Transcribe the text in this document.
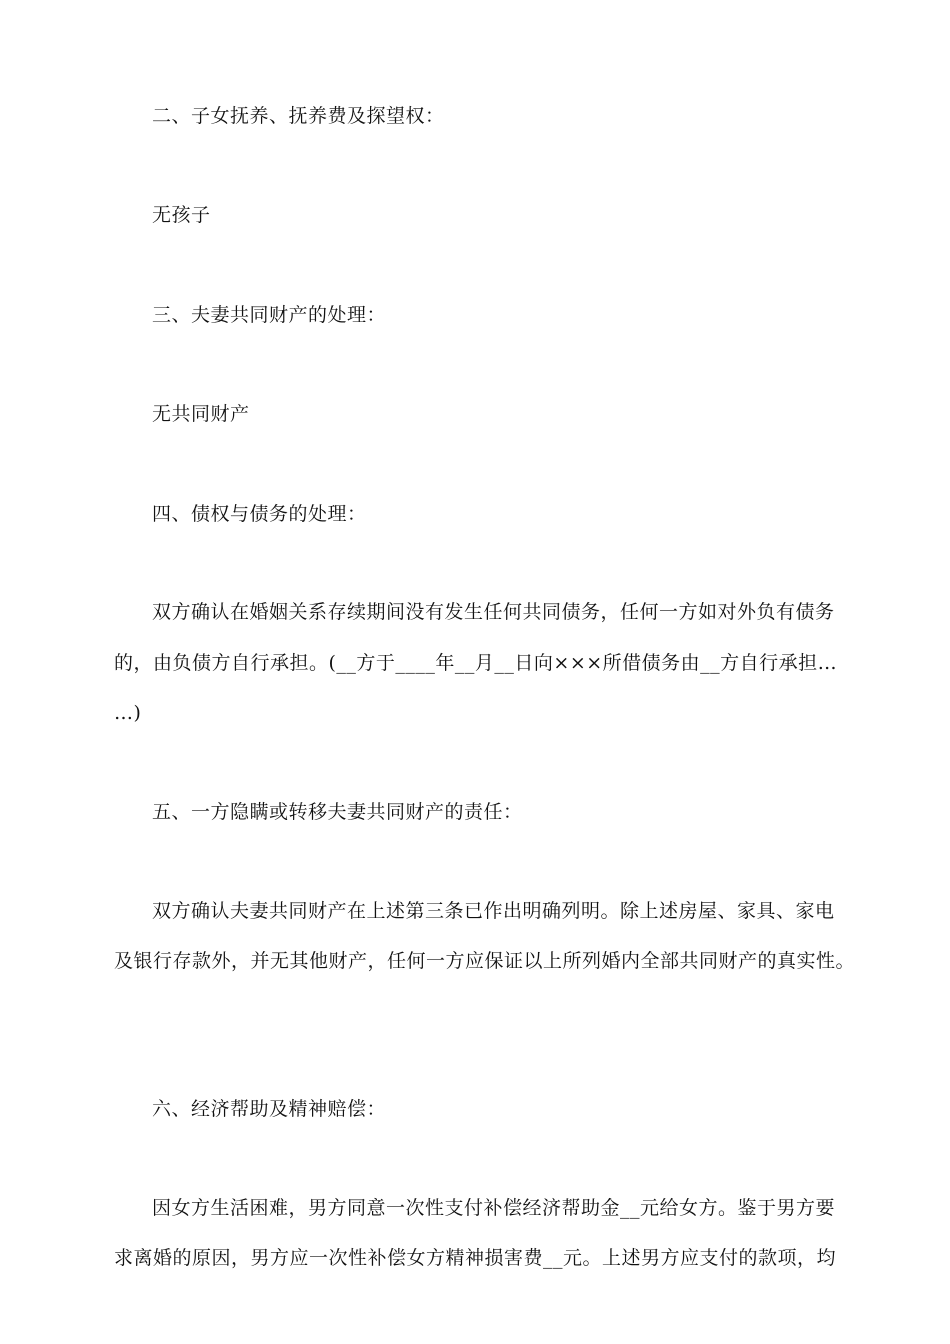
二、子女抚养、抚养费及探望权：
无孩子
三、夫妻共同财产的处理：
无共同财产
四、债权与债务的处理：
双方确认在婚姻关系存续期间没有发生任何共同债务，任何一方如对外负有债务
的，由负债方自行承担。(__方于____年__月__日向×××所借债务由__方自行承担…
…)
五、一方隐瞒或转移夫妻共同财产的责任：
双方确认夫妻共同财产在上述第三条已作出明确列明。除上述房屋、家具、家电
及银行存款外，并无其他财产，任何一方应保证以上所列婚内全部共同财产的真实性。
六、经济帮助及精神赔偿：
因女方生活困难，男方同意一次性支付补偿经济帮助金__元给女方。鉴于男方要
求离婚的原因，男方应一次性补偿女方精神损害费__元。上述男方应支付的款项，均
